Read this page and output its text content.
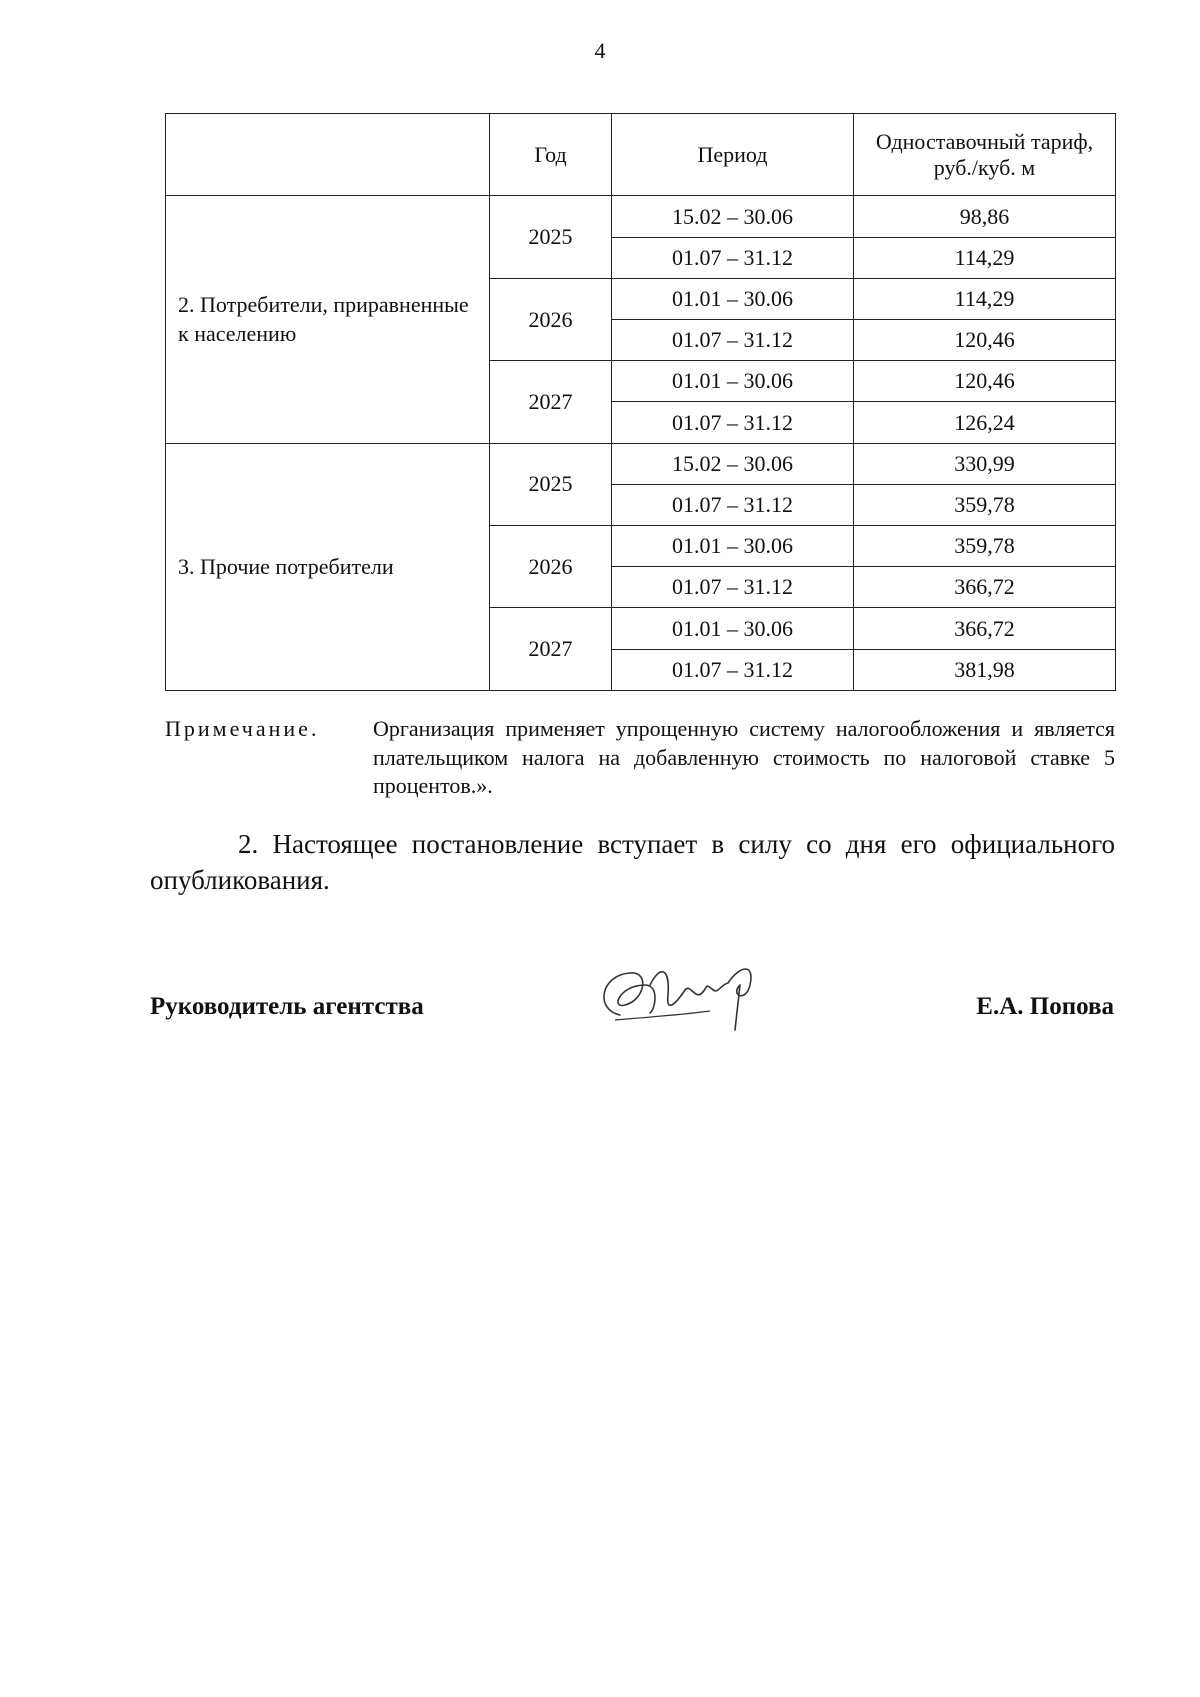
4
	Год	Период	Одноставочный тариф, руб./куб. м
2. Потребители, приравненные к населению	2025	15.02 – 30.06	98,86
		01.07 – 31.12	114,29
	2026	01.01 – 30.06	114,29
		01.07 – 31.12	120,46
	2027	01.01 – 30.06	120,46
		01.07 – 31.12	126,24
3. Прочие потребители	2025	15.02 – 30.06	330,99
		01.07 – 31.12	359,78
	2026	01.01 – 30.06	359,78
		01.07 – 31.12	366,72
	2027	01.01 – 30.06	366,72
		01.07 – 31.12	381,98
Примечание.	Организация применяет упрощенную систему налогообложения и является плательщиком налога на добавленную стоимость по налоговой ставке 5 процентов.».
2. Настоящее постановление вступает в силу со дня его официального опубликования.
Руководитель агентства	Е.А. Попова
